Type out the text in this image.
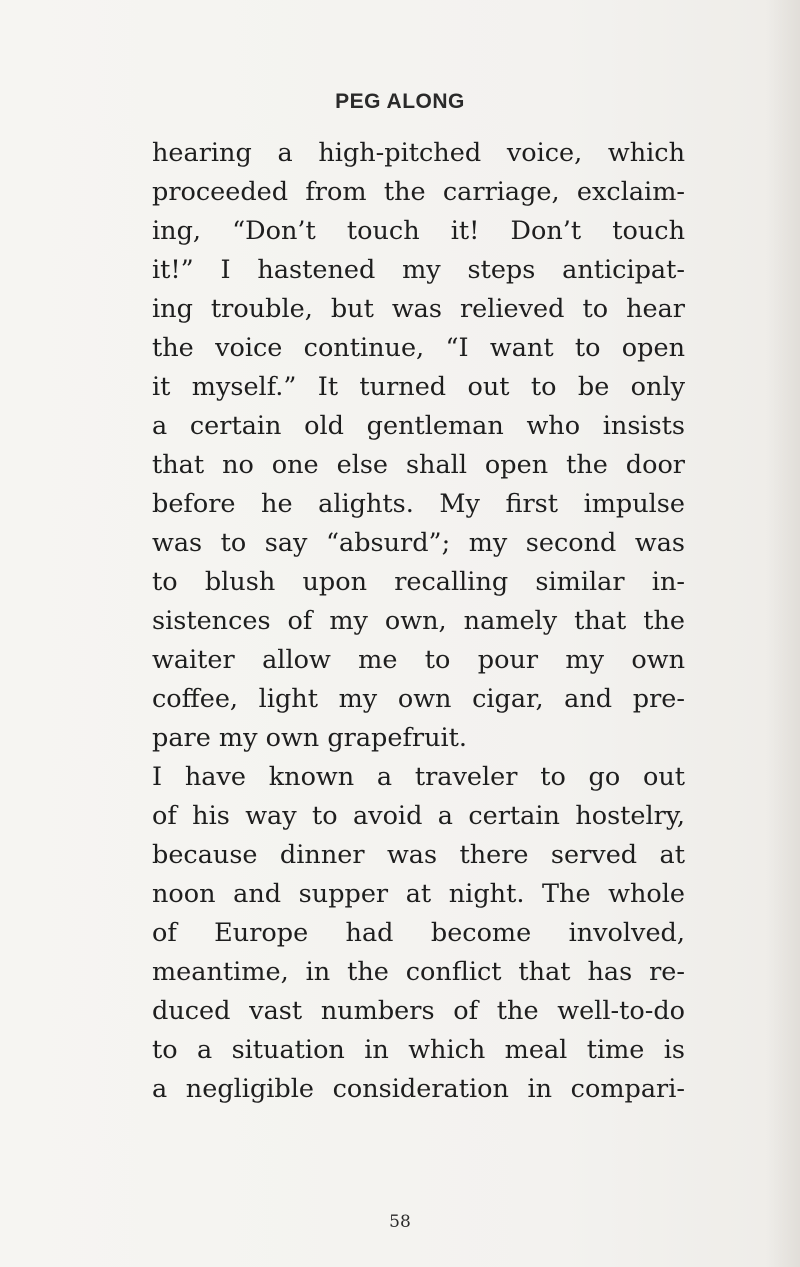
PEG ALONG
hearing a high-pitched voice, which
proceeded from the carriage, exclaim-
ing, “Don’t touch it! Don’t touch
it!” I hastened my steps anticipat-
ing trouble, but was relieved to hear
the voice continue, “I want to open
it myself.” It turned out to be only
a certain old gentleman who insists
that no one else shall open the door
before he alights. My first impulse
was to say “absurd”; my second was
to blush upon recalling similar in-
sistences of my own, namely that the
waiter allow me to pour my own
coffee, light my own cigar, and pre-
pare my own grapefruit.
I have known a traveler to go out
of his way to avoid a certain hostelry,
because dinner was there served at
noon and supper at night. The whole
of Europe had become involved,
meantime, in the conflict that has re-
duced vast numbers of the well-to-do
to a situation in which meal time is
a negligible consideration in compari-
58
